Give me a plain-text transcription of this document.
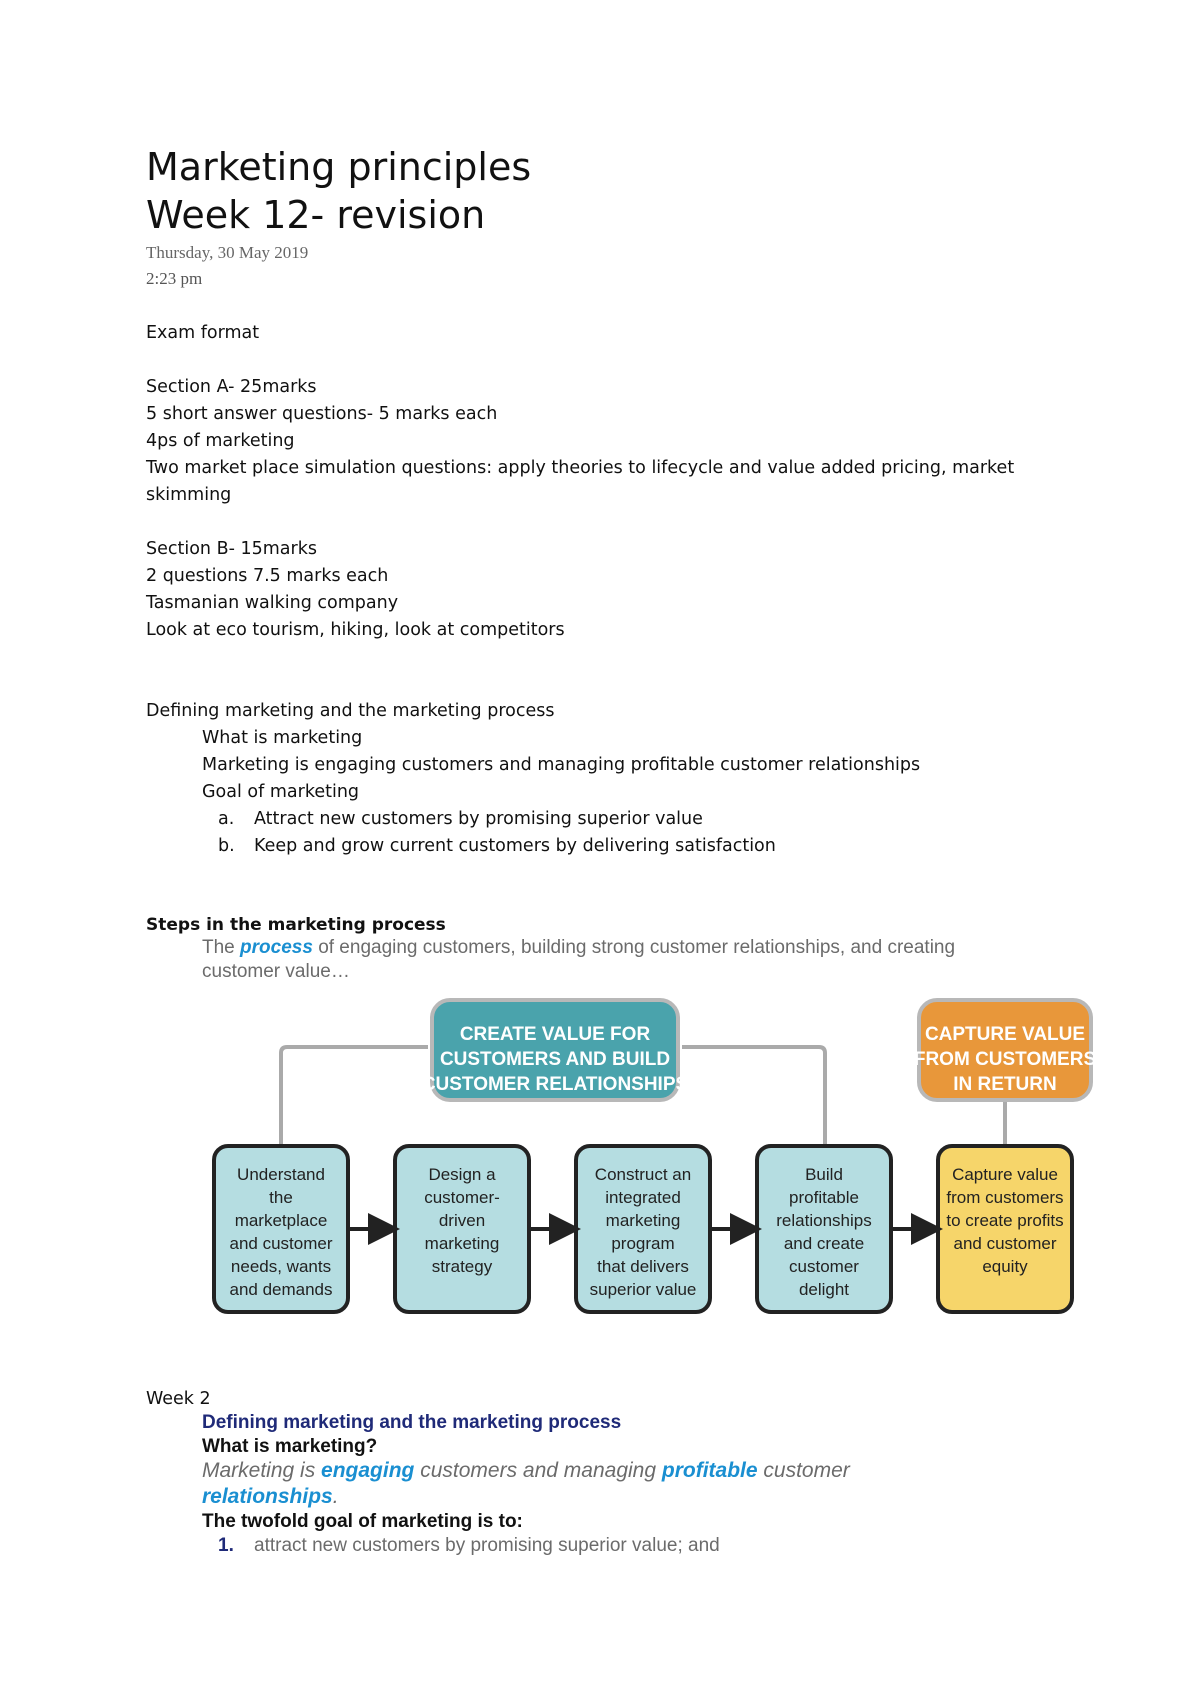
Marketing principles
Week 12- revision
Thursday, 30 May 2019
2:23 pm
Exam format
Section A- 25marks
5 short answer questions- 5 marks each
4ps of marketing
Two market place simulation questions: apply theories to lifecycle and value added pricing, market
skimming
Section B- 15marks
2 questions 7.5 marks each
Tasmanian walking company
Look at eco tourism, hiking, look at competitors
Defining marketing and the marketing process
What is marketing
Marketing is engaging customers and managing profitable customer relationships
Goal of marketing
a. Attract new customers by promising superior value
b. Keep and grow current customers by delivering satisfaction
Steps in the marketing process
The process of engaging customers, building strong customer relationships, and creating
customer value…
CREATE VALUE FOR
CUSTOMERS AND BUILD
CUSTOMER RELATIONSHIPS
CAPTURE VALUE
FROM CUSTOMERS
IN RETURN
Understand
the
marketplace
and customer
needs, wants
and demands
Design a
customer-
driven
marketing
strategy
Construct an
integrated
marketing
program
that delivers
superior value
Build
profitable
relationships
and create
customer
delight
Capture value
from customers
to create profits
and customer
equity
Week 2
Defining marketing and the marketing process
What is marketing?
Marketing is engaging customers and managing profitable customer
relationships.
The twofold goal of marketing is to:
1. attract new customers by promising superior value; and
